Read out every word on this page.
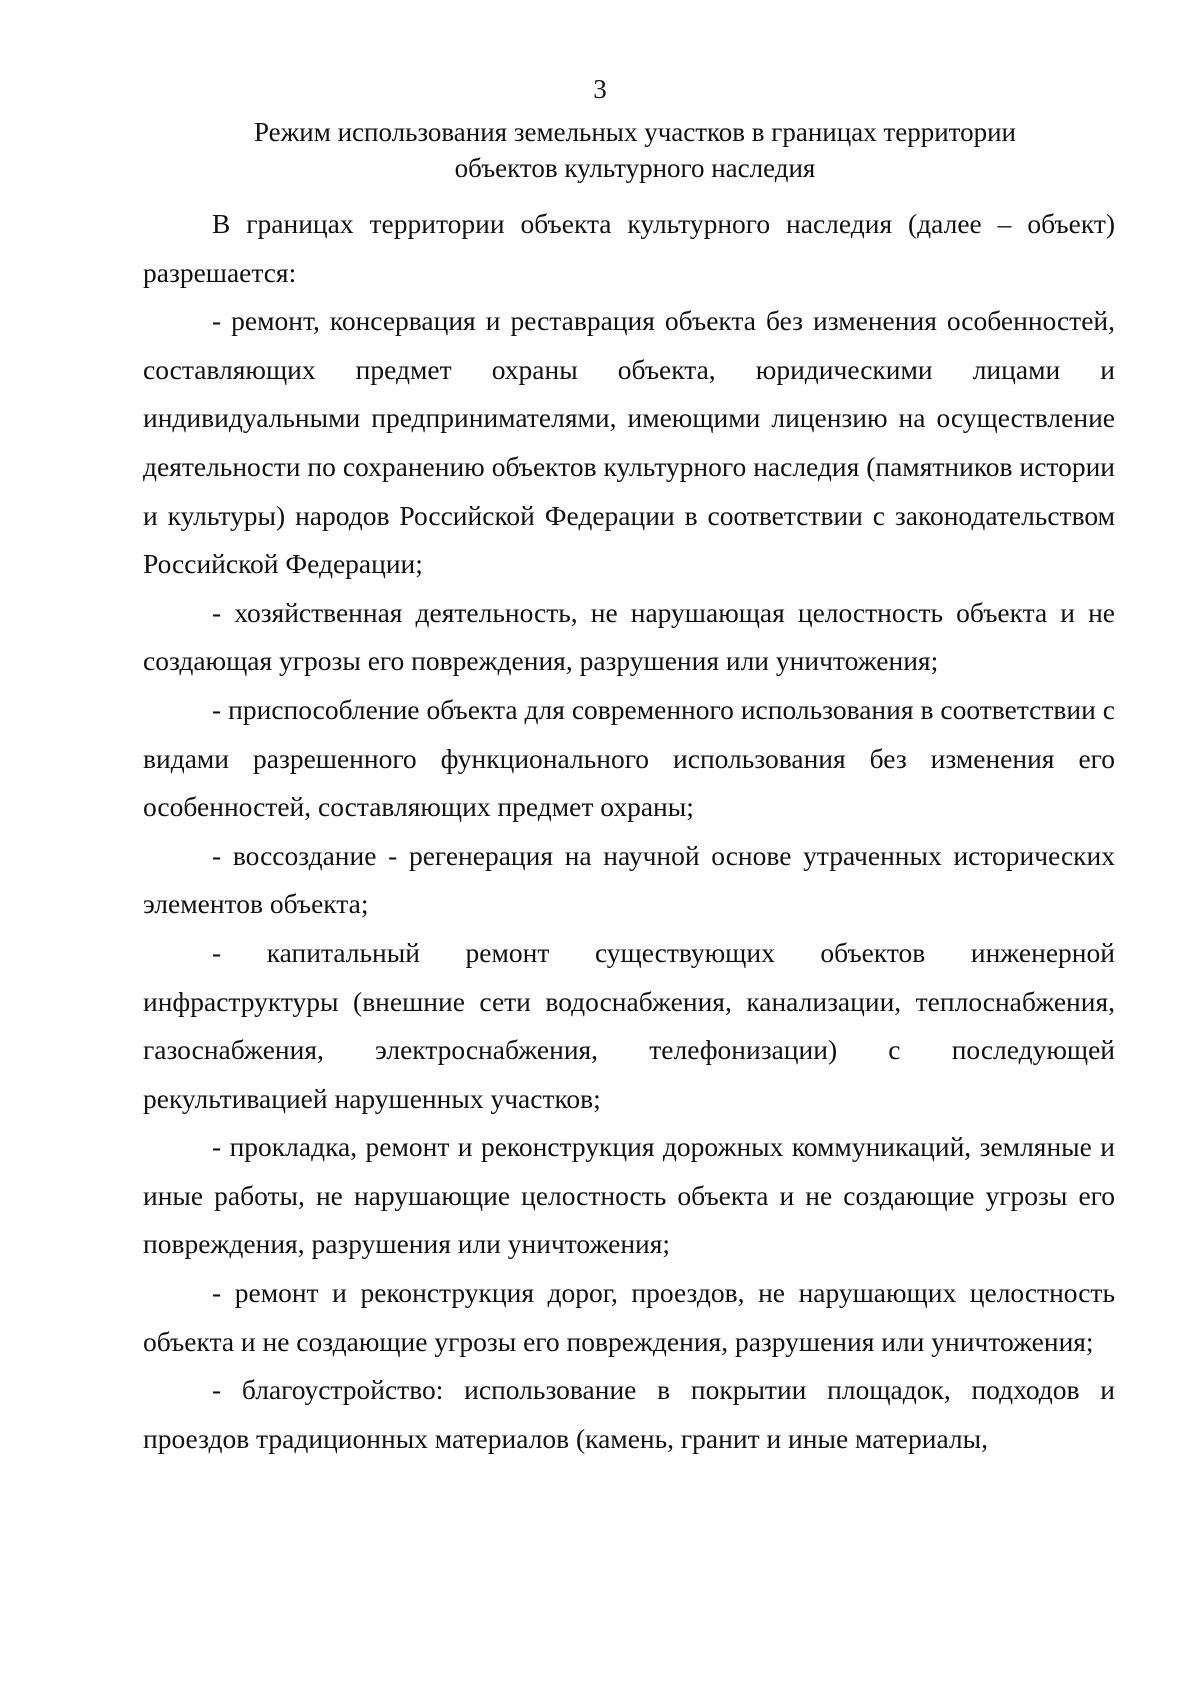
3
Режим использования земельных участков в границах территории
объектов культурного наследия

В границах территории объекта культурного наследия (далее – объект) разрешается:

- ремонт, консервация и реставрация объекта без изменения особенностей, составляющих предмет охраны объекта, юридическими лицами и индивидуальными предпринимателями, имеющими лицензию на осуществление деятельности по сохранению объектов культурного наследия (памятников истории и культуры) народов Российской Федерации в соответствии с законодательством Российской Федерации;

- хозяйственная деятельность, не нарушающая целостность объекта и не создающая угрозы его повреждения, разрушения или уничтожения;

- приспособление объекта для современного использования в соответствии с видами разрешенного функционального использования без изменения его особенностей, составляющих предмет охраны;

- воссоздание - регенерация на научной основе утраченных исторических элементов объекта;

- капитальный ремонт существующих объектов инженерной инфраструктуры (внешние сети водоснабжения, канализации, теплоснабжения, газоснабжения, электроснабжения, телефонизации) с последующей рекультивацией нарушенных участков;

- прокладка, ремонт и реконструкция дорожных коммуникаций, земляные и иные работы, не нарушающие целостность объекта и не создающие угрозы его повреждения, разрушения или уничтожения;

- ремонт и реконструкция дорог, проездов, не нарушающих целостность объекта и не создающие угрозы его повреждения, разрушения или уничтожения;

- благоустройство: использование в покрытии площадок, подходов и проездов традиционных материалов (камень, гранит и иные материалы,
